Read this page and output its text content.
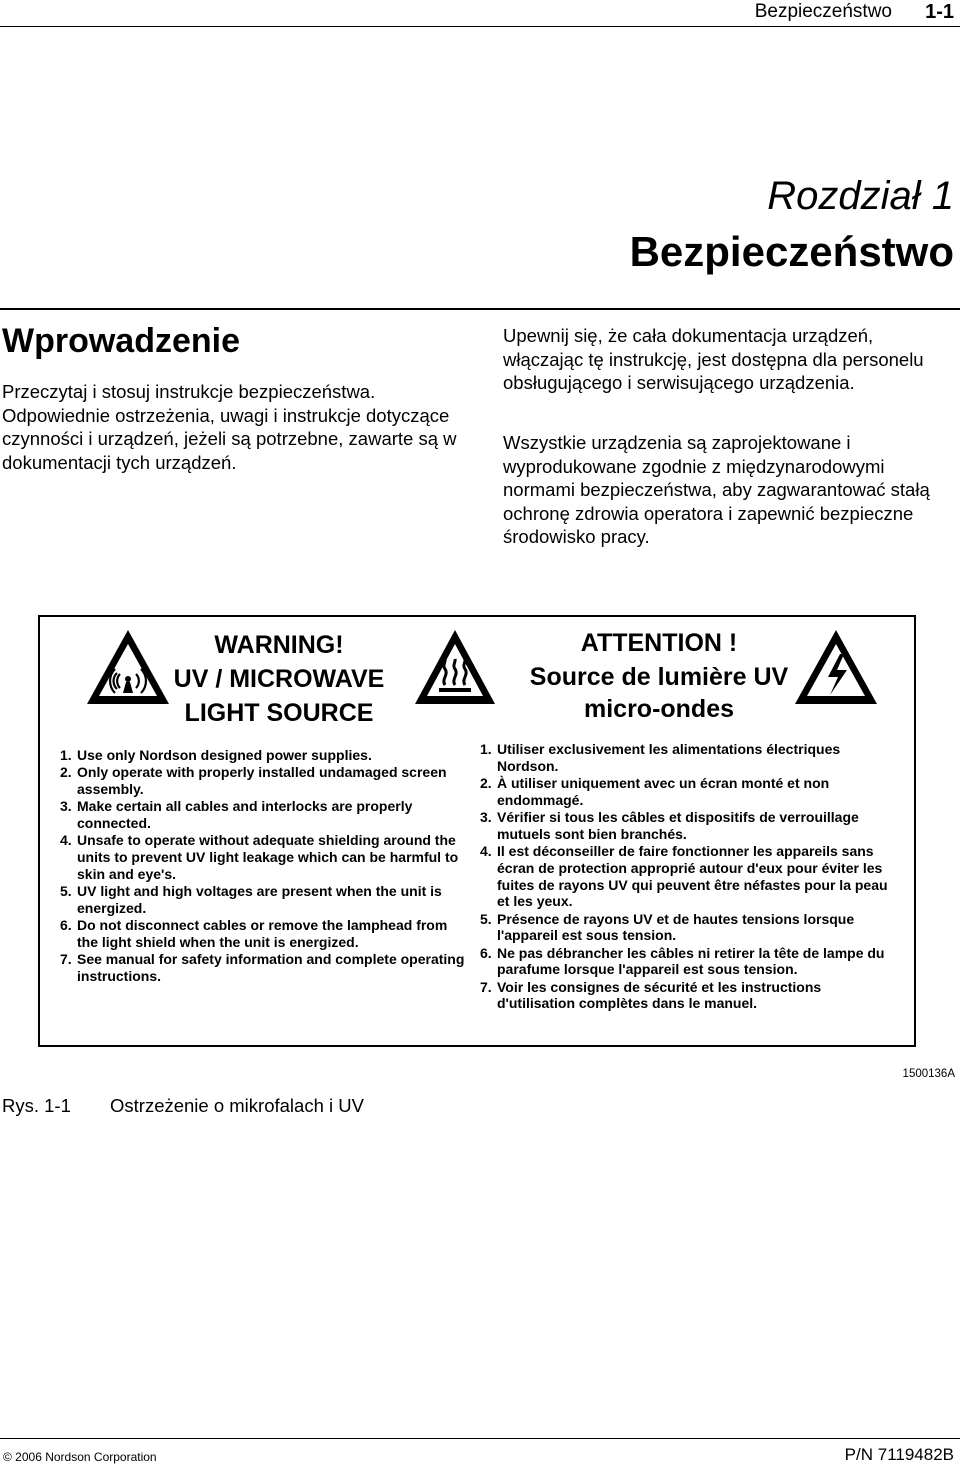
Bezpieczeństwo 1-1
Rozdział 1
Bezpieczeństwo
Wprowadzenie
Przeczytaj i stosuj instrukcje bezpieczeństwa. Odpowiednie ostrzeżenia, uwagi i instrukcje dotyczące czynności i urządzeń, jeżeli są potrzebne, zawarte są w dokumentacji tych urządzeń.
Upewnij się, że cała dokumentacja urządzeń, włączając tę instrukcję, jest dostępna dla personelu obsługującego i serwisującego urządzenia.
Wszystkie urządzenia są zaprojektowane i wyprodukowane zgodnie z międzynarodowymi normami bezpieczeństwa, aby zagwarantować stałą ochronę zdrowia operatora i zapewnić bezpieczne środowisko pracy.
WARNING!
UV / MICROWAVE
LIGHT SOURCE
ATTENTION !
Source de lumière UV
micro-ondes
1. Use only Nordson designed power supplies.
2. Only operate with properly installed undamaged screen assembly.
3. Make certain all cables and interlocks are properly connected.
4. Unsafe to operate without adequate shielding around the units to prevent UV light leakage which can be harmful to skin and eye's.
5. UV light and high voltages are present when the unit is energized.
6. Do not disconnect cables or remove the lamphead from the light shield when the unit is energized.
7. See manual for safety information and complete operating instructions.
1. Utiliser exclusivement les alimentations électriques Nordson.
2. À utiliser uniquement avec un écran monté et non endommagé.
3. Vérifier si tous les câbles et dispositifs de verrouillage mutuels sont bien branchés.
4. Il est déconseiller de faire fonctionner les appareils sans écran de protection approprié autour d'eux pour éviter les fuites de rayons UV qui peuvent être néfastes pour la peau et les yeux.
5. Présence de rayons UV et de hautes tensions lorsque l'appareil est sous tension.
6. Ne pas débrancher les câbles ni retirer la tête de lampe du parafume lorsque l'appareil est sous tension.
7. Voir les consignes de sécurité et les instructions d'utilisation complètes dans le manuel.
1500136A
Rys. 1-1 Ostrzeżenie o mikrofalach i UV
© 2006 Nordson Corporation	P/N 7119482B
